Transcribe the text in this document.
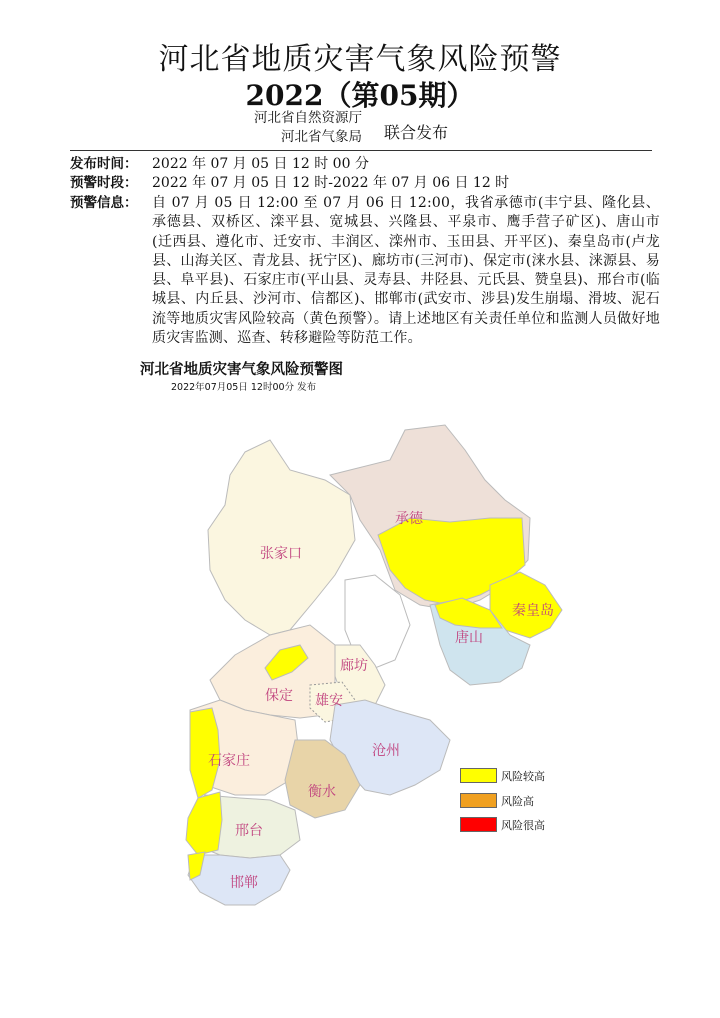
河北省地质灾害气象风险预警
2022（第05期）
河北省自然资源厅
河北省气象局 联合发布
发布时间： 2022 年 07 月 05 日 12 时 00 分
预警时段： 2022 年 07 月 05 日 12 时-2022 年 07 月 06 日 12 时
预警信息： 自 07 月 05 日 12:00 至 07 月 06 日 12:00，我省承德市(丰宁县、隆化县、承德县、双桥区、滦平县、宽城县、兴隆县、平泉市、鹰手营子矿区)、唐山市(迁西县、遵化市、迁安市、丰润区、滦州市、玉田县、开平区)、秦皇岛市(卢龙县、山海关区、青龙县、抚宁区)、廊坊市(三河市)、保定市(涞水县、涞源县、易县、阜平县)、石家庄市(平山县、灵寿县、井陉县、元氏县、赞皇县)、邢台市(临城县、内丘县、沙河市、信都区)、邯郸市(武安市、涉县)发生崩塌、滑坡、泥石流等地质灾害风险较高（黄色预警）。请上述地区有关责任单位和监测人员做好地质灾害监测、巡查、转移避险等防范工作。
河北省地质灾害气象风险预警图
2022年07月05日 12时00分 发布
承德
张家口
秦皇岛
唐山
廊坊
保定 雄安
沧州
石家庄
衡水
邢台
邯郸
风险较高
风险高
风险很高
